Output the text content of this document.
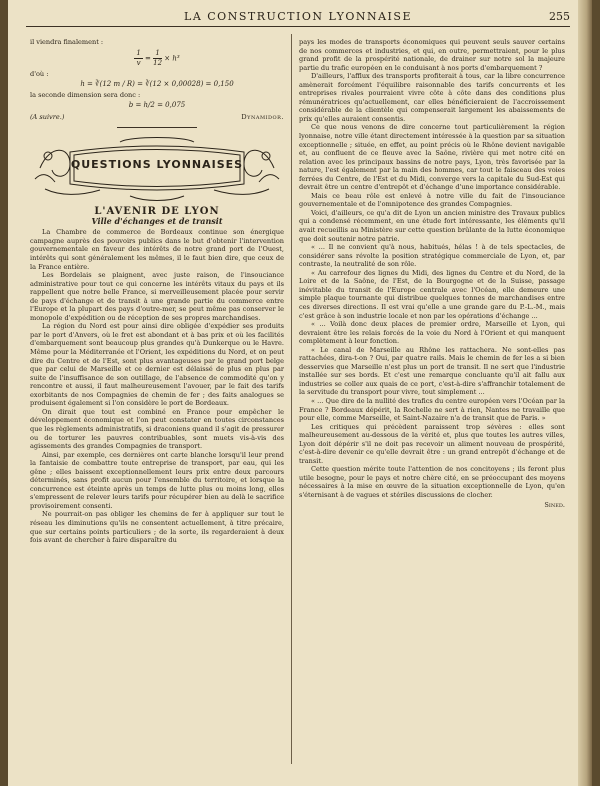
LA CONSTRUCTION LYONNAISE	255

il viendra finalement :

$\frac{1}{v} = \frac{1}{12} \times h^3$

d'où :

h = ∛(12 m / R) = ∛(12 × 0,00028) = 0,150

la seconde dimension sera donc :

b = h/2 = 0,075
(A suivre.)	Dynamidor.
QUESTIONS LYONNAISES
L'AVENIR DE LYON
Ville d'échanges et de transit

La Chambre de commerce de Bordeaux continue son énergique campagne auprès des pouvoirs publics dans le but d'obtenir l'intervention gouvernementale en faveur des intérêts de notre grand port de l'Ouest, intérêts qui sont généralement les mêmes, il le faut bien dire, que ceux de la France entière.

Les Bordelais se plaignent, avec juste raison, de l'insouciance administrative pour tout ce qui concerne les intérêts vitaux du pays et ils rappellent que notre belle France, si merveilleusement placée pour servir de pays d'échange et de transit à une grande partie du commerce entre l'Europe et la plupart des pays d'outre-mer, se peut même pas conserver le monopole d'expédition ou de réception de ses propres marchandises.

La région du Nord est pour ainsi dire obligée d'expédier ses produits par le port d'Anvers, où le fret est abondant et à bas prix et où les facilités d'embarquement sont beaucoup plus grandes qu'à Dunkerque ou le Havre. Même pour la Méditerranée et l'Orient, les expéditions du Nord, et on peut dire du Centre et de l'Est, sont plus avantageuses par le grand port belge que par celui de Marseille et ce dernier est délaissé de plus en plus par suite de l'insuffisance de son outillage, de l'absence de commodité qu'on y rencontre et aussi, il faut malheureusement l'avouer, par le fait des tarifs exorbitants de nos Compagnies de chemin de fer ; des faits analogues se produisent également si l'on considère le port de Bordeaux.

On dirait que tout est combiné en France pour empêcher le développement économique et l'on peut constater en toutes circonstances que les règlements administratifs, si draconiens quand il s'agit de pressurer ou de torturer les pauvres contribuables, sont muets vis-à-vis des agissements des grandes Compagnies de transport.

Ainsi, par exemple, ces dernières ont carte blanche lorsqu'il leur prend la fantaisie de combattre toute entreprise de transport, par eau, qui les gêne ; elles baissent exceptionnellement leurs prix entre deux parcours déterminés, sans profit aucun pour l'ensemble du territoire, et lorsque la concurrence est éteinte après un temps de lutte plus ou moins long, elles s'empressent de relever leurs tarifs pour récupérer bien au delà le sacrifice provisoirement consenti.

Ne pourrait-on pas obliger les chemins de fer à appliquer sur tout le réseau les diminutions qu'ils ne consentent actuellement, à titre précaire, que sur certains points particuliers ; de la sorte, ils regarderaient à deux fois avant de chercher à faire disparaître du

pays les modes de transports économiques qui peuvent seuls sauver certains de nos commerces et industries, et qui, en outre, permettraient, pour le plus grand profit de la prospérité nationale, de drainer sur notre sol la majeure partie du trafic européen en le conduisant à nos ports d'embarquement ?

D'ailleurs, l'afflux des transports profiterait à tous, car la libre concurrence amènerait forcément l'équilibre raisonnable des tarifs concurrents et les entreprises rivales pourraient vivre côte à côte dans des conditions plus rémunératrices qu'actuellement, car elles bénéficieraient de l'accroissement considérable de la clientèle qui compenserait largement les abaissements de prix qu'elles auraient consentis.

Ce que nous venons de dire concerne tout particulièrement la région lyonnaise, notre ville étant directement intéressée à la question par sa situation exceptionnelle ; située, en effet, au point précis où le Rhône devient navigable et, au confluent de ce fleuve avec la Saône, rivière qui met notre cité en relation avec les principaux bassins de notre pays, Lyon, très favorisée par la nature, l'est également par la main des hommes, car tout le faisceau des voies ferrées du Centre, de l'Est et du Midi, converge vers la capitale du Sud-Est qui devrait être un centre d'entrepôt et d'échange d'une importance considérable.

Mais ce beau rôle est enlevé à notre ville du fait de l'insouciance gouvernementale et de l'omnipotence des grandes Compagnies.

Voici, d'ailleurs, ce qu'a dit de Lyon un ancien ministre des Travaux publics qui a condensé récemment, en une étude fort intéressante, les éléments qu'il avait recueillis au Ministère sur cette question brûlante de la lutte économique que doit soutenir notre patrie.

« ... Il ne convient qu'à nous, habitués, hélas ! à de tels spectacles, de considérer sans révolte la position stratégique commerciale de Lyon, et, par contraste, la neutralité de son rôle.

« Au carrefour des lignes du Midi, des lignes du Centre et du Nord, de la Loire et de la Saône, de l'Est, de la Bourgogne et de la Suisse, passage inévitable du transit de l'Europe centrale avec l'Océan, elle demeure une simple plaque tournante qui distribue quelques tonnes de marchandises entre ces diverses directions. Il est vrai qu'elle a une grande gare du P.-L.-M., mais c'est grâce à son industrie locale et non par les opérations d'échange ...

« ... Voilà donc deux places de premier ordre, Marseille et Lyon, qui devraient être les relais forcés de la voie du Nord à l'Orient et qui manquent complètement à leur fonction.

« Le canal de Marseille au Rhône les rattachera. Ne sont-elles pas rattachées, dira-t-on ? Oui, par quatre rails. Mais le chemin de fer les a si bien desservies que Marseille n'est plus un port de transit. Il ne sert que l'industrie installée sur ses bords. Et c'est une remarque concluante qu'il ait fallu aux industries se coller aux quais de ce port, c'est-à-dire s'affranchir totalement de la servitude du transport pour vivre, tout simplement ...

« ... Que dire de la nullité des trafics du centre européen vers l'Océan par la France ? Bordeaux dépérit, la Rochelle ne sert à rien, Nantes ne travaille que pour elle, comme Marseille, et Saint-Nazaire n'a de transit que de Paris. »

Les critiques qui précèdent paraissent trop sévères : elles sont malheureusement au-dessous de la vérité et, plus que toutes les autres villes, Lyon doit dépérir s'il ne doit pas recevoir un aliment nouveau de prospérité, c'est-à-dire devenir ce qu'elle devrait être : un grand entrepôt d'échange et de transit.

Cette question mérite toute l'attention de nos concitoyens ; ils feront plus utile besogne, pour le pays et notre chère cité, en se préoccupant des moyens nécessaires à la mise en œuvre de la situation exceptionnelle de Lyon, qu'en s'éternisant à de vagues et stériles discussions de clocher.

Sined.
